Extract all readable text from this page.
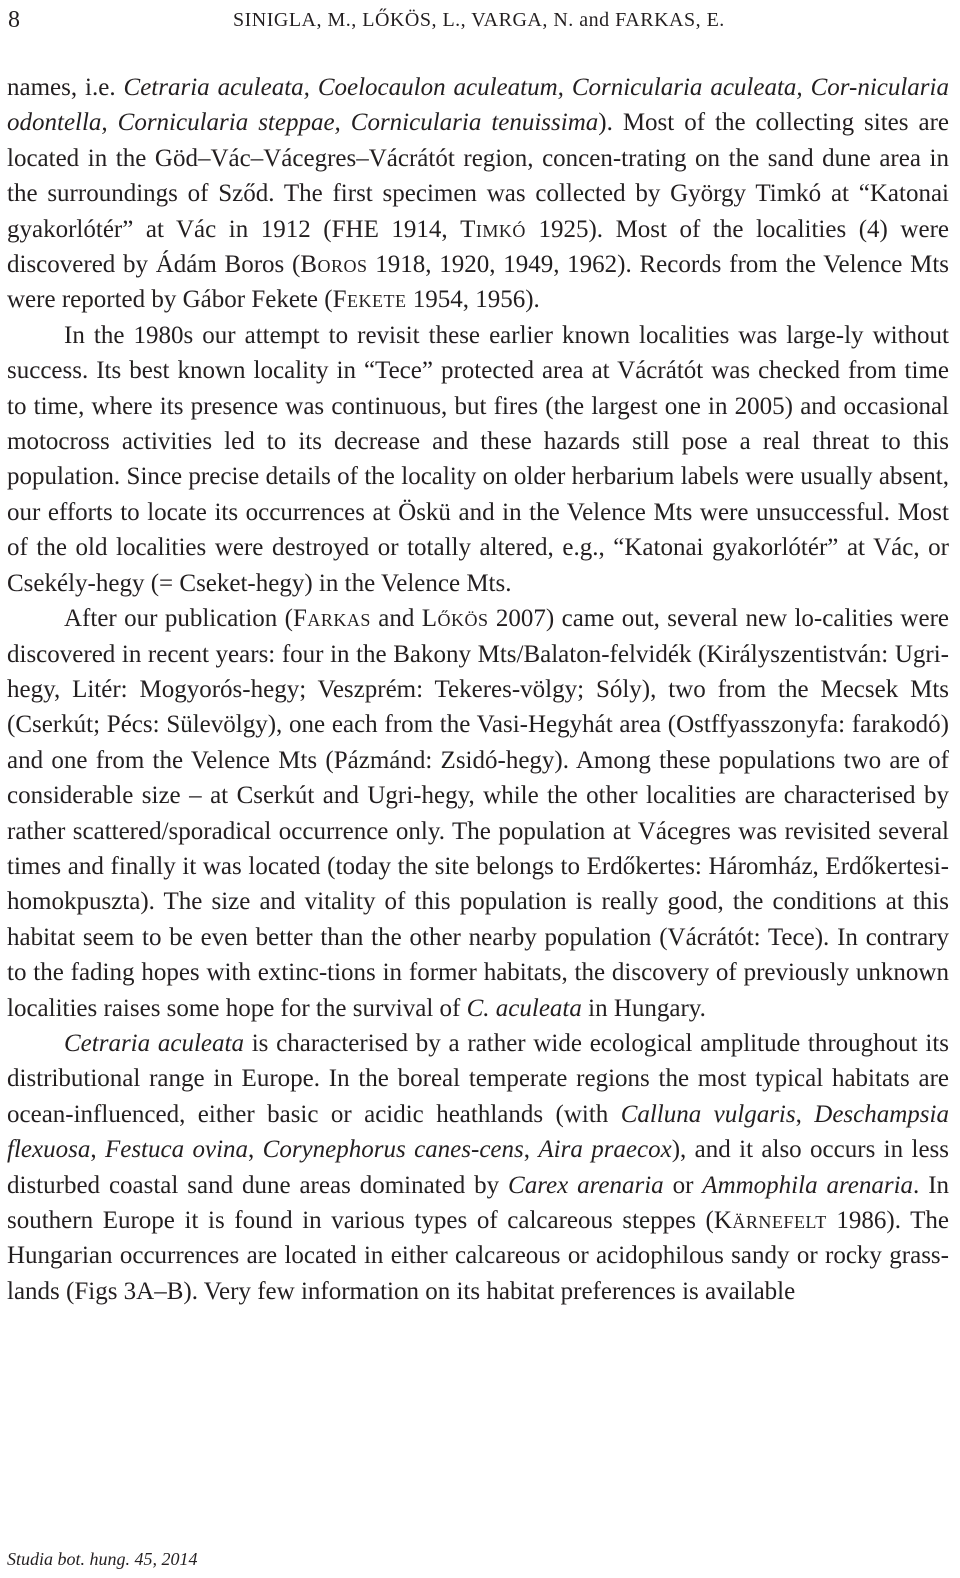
8	SINIGLA, M., LŐKÖS, L., VARGA, N. and FARKAS, E.

names, i.e. Cetraria aculeata, Coelocaulon aculeatum, Cornicularia aculeata, Cor-nicularia odontella, Cornicularia steppae, Cornicularia tenuissima). Most of the collecting sites are located in the Göd–Vác–Vácegres–Vácrátót region, concen-trating on the sand dune area in the surroundings of Sződ. The first specimen was collected by György Timkó at “Katonai gyakorlótér” at Vác in 1912 (FHE 1914, Timkó 1925). Most of the localities (4) were discovered by Ádám Boros (Boros 1918, 1920, 1949, 1962). Records from the Velence Mts were reported by Gábor Fekete (Fekete 1954, 1956).

In the 1980s our attempt to revisit these earlier known localities was large-ly without success. Its best known locality in “Tece” protected area at Vácrátót was checked from time to time, where its presence was continuous, but fires (the largest one in 2005) and occasional motocross activities led to its decrease and these hazards still pose a real threat to this population. Since precise details of the locality on older herbarium labels were usually absent, our efforts to locate its occurrences at Öskü and in the Velence Mts were unsuccessful. Most of the old localities were destroyed or totally altered, e.g., “Katonai gyakorlótér” at Vác, or Csekély-hegy (= Cseket-hegy) in the Velence Mts.

After our publication (Farkas and Lőkös 2007) came out, several new lo-calities were discovered in recent years: four in the Bakony Mts/Balaton-felvidék (Királyszentistván: Ugri-hegy, Litér: Mogyorós-hegy; Veszprém: Tekeres-völgy; Sóly), two from the Mecsek Mts (Cserkút; Pécs: Sülevölgy), one each from the Vasi-Hegyhát area (Ostffyasszonyfa: farakodó) and one from the Velence Mts (Pázmánd: Zsidó-hegy). Among these populations two are of considerable size – at Cserkút and Ugri-hegy, while the other localities are characterised by rather scattered/sporadical occurrence only. The population at Vácegres was revisited several times and finally it was located (today the site belongs to Erdőkertes: Háromház, Erdőkertesi-homokpuszta). The size and vitality of this population is really good, the conditions at this habitat seem to be even better than the other nearby population (Vácrátót: Tece). In contrary to the fading hopes with extinc-tions in former habitats, the discovery of previously unknown localities raises some hope for the survival of C. aculeata in Hungary.

Cetraria aculeata is characterised by a rather wide ecological amplitude throughout its distributional range in Europe. In the boreal temperate regions the most typical habitats are ocean-influenced, either basic or acidic heathlands (with Calluna vulgaris, Deschampsia flexuosa, Festuca ovina, Corynephorus canes-cens, Aira praecox), and it also occurs in less disturbed coastal sand dune areas dominated by Carex arenaria or Ammophila arenaria. In southern Europe it is found in various types of calcareous steppes (Kärnefelt 1986). The Hungarian occurrences are located in either calcareous or acidophilous sandy or rocky grass-lands (Figs 3A–B). Very few information on its habitat preferences is available

Studia bot. hung. 45, 2014
